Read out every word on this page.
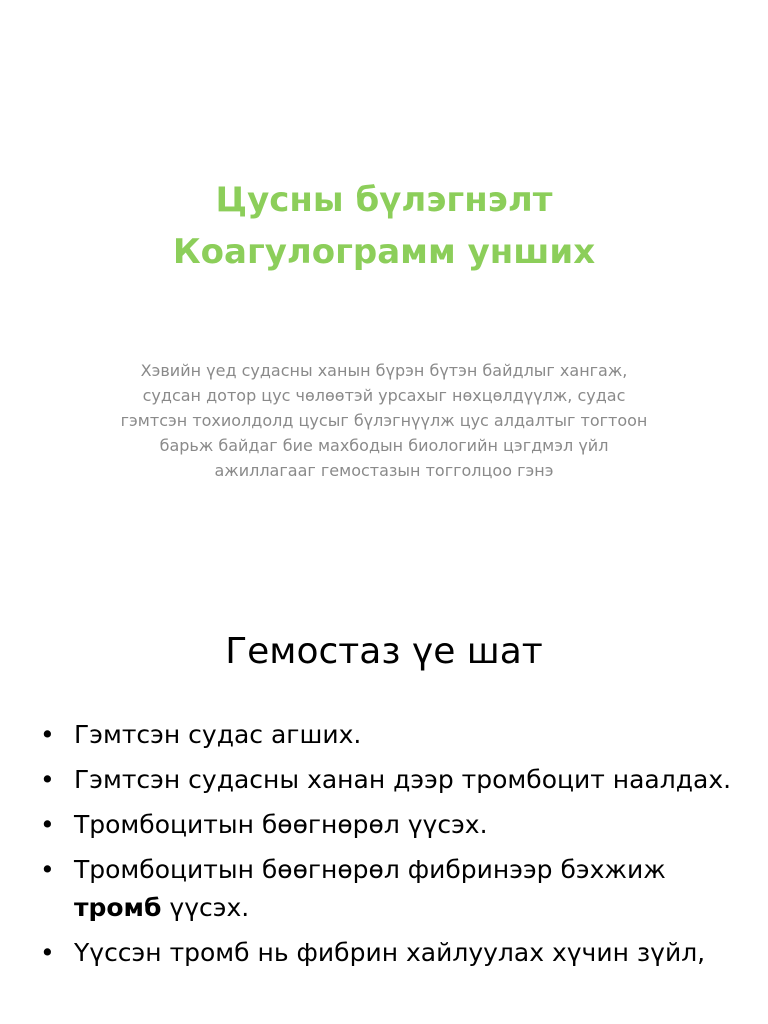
Цусны бүлэгнэлт
Коагулограмм унших
Хэвийн үед судасны ханын бүрэн бүтэн байдлыг хангаж, судсан дотор цус чөлөөтэй урсахыг нөхцөлдүүлж, судас гэмтсэн тохиолдолд цусыг бүлэгнүүлж цус алдалтыг тогтоон барьж байдаг бие махбодын биологийн цэгдмэл үйл ажиллагааг гемостазын тогголцоо гэнэ
Гемостаз үе шат
• Гэмтсэн судас агших.
• Гэмтсэн судасны ханан дээр тромбоцит наалдах.
• Тромбоцитын бөөгнөрөл үүсэх.
• Тромбоцитын бөөгнөрөл фибринээр бэхжиж тромб үүсэх.
• Үүссэн тромб нь фибрин хайлуулах хүчин зүйл,
